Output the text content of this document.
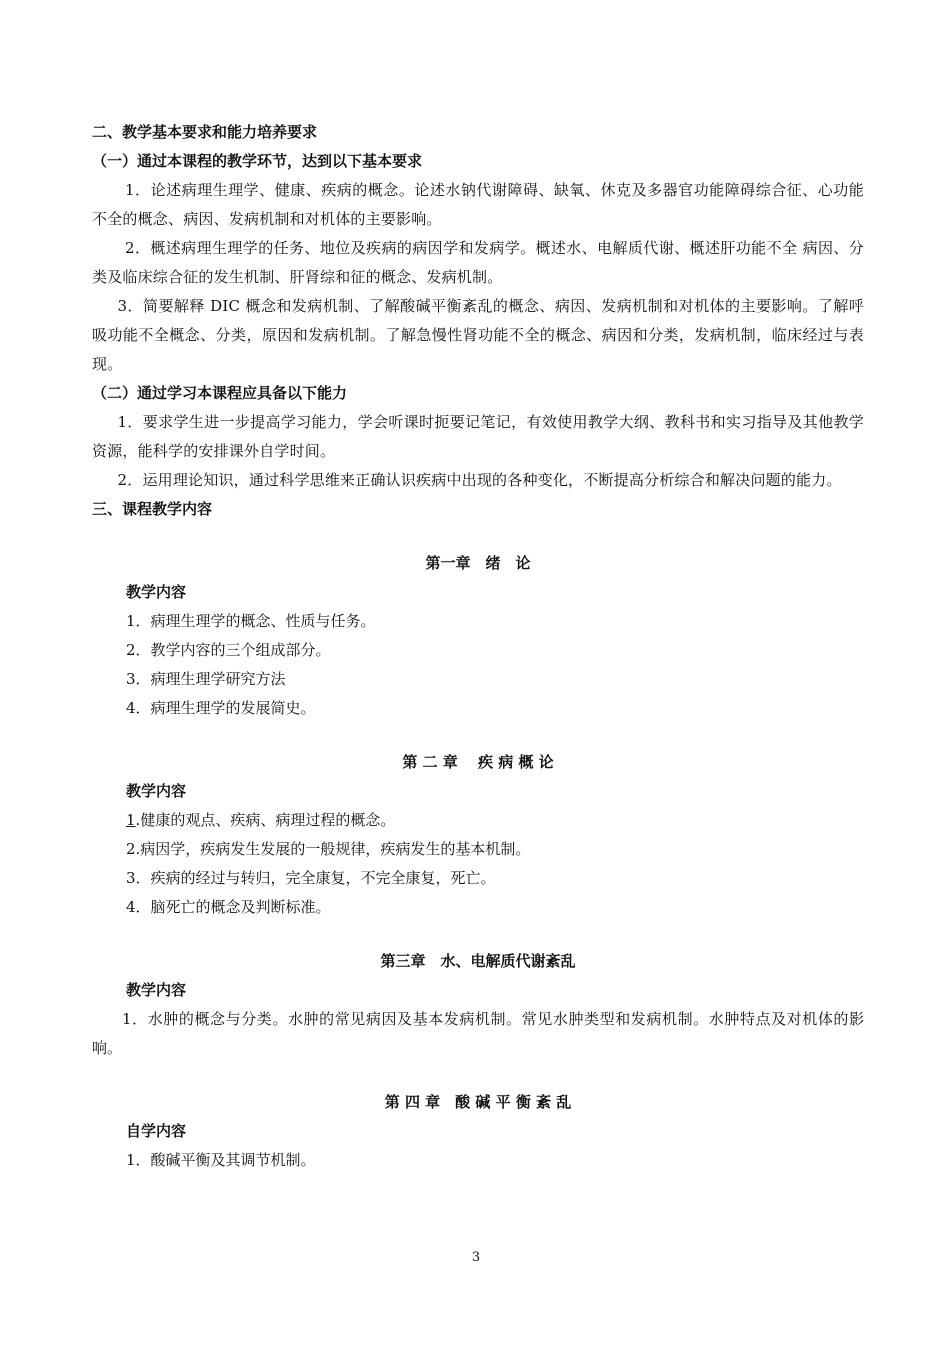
二、教学基本要求和能力培养要求

（一）通过本课程的教学环节，达到以下基本要求

1．论述病理生理学、健康、疾病的概念。论述水钠代谢障碍、缺氧、休克及多器官功能障碍综合征、心功能不全的概念、病因、发病机制和对机体的主要影响。

2．概述病理生理学的任务、地位及疾病的病因学和发病学。概述水、电解质代谢、概述肝功能不全 病因、分类及临床综合征的发生机制、肝肾综和征的概念、发病机制。

3．简要解释 DIC 概念和发病机制、了解酸碱平衡紊乱的概念、病因、发病机制和对机体的主要影响。了解呼吸功能不全概念、分类，原因和发病机制。了解急慢性肾功能不全的概念、病因和分类，发病机制，临床经过与表现。

（二）通过学习本课程应具备以下能力

1．要求学生进一步提高学习能力，学会听课时扼要记笔记，有效使用教学大纲、教科书和实习指导及其他教学资源，能科学的安排课外自学时间。

2．运用理论知识，通过科学思维来正确认识疾病中出现的各种变化，不断提高分析综合和解决问题的能力。

三、课程教学内容

第一章　绪　论

教学内容

1．病理生理学的概念、性质与任务。

2．教学内容的三个组成部分。

3．病理生理学研究方法

4．病理生理学的发展简史。

第 二 章　 疾 病 概 论

教学内容

1.健康的观点、疾病、病理过程的概念。

2.病因学，疾病发生发展的一般规律，疾病发生的基本机制。

3．疾病的经过与转归，完全康复，不完全康复，死亡。

4．脑死亡的概念及判断标准。

第三章　水、电解质代谢紊乱

教学内容

1．水肿的概念与分类。水肿的常见病因及基本发病机制。常见水肿类型和发病机制。水肿特点及对机体的影响。

第 四 章　酸 碱 平 衡 紊 乱

自学内容

1．酸碱平衡及其调节机制。

3
